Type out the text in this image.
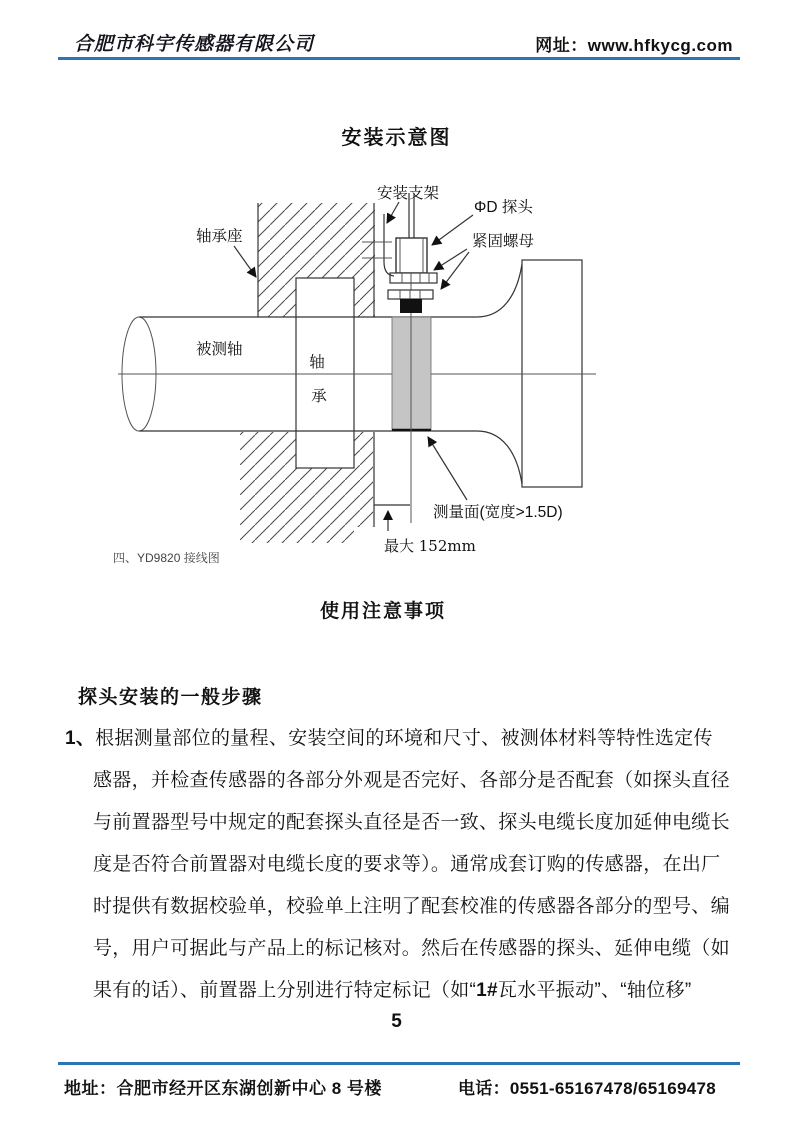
合肥市科宇传感器有限公司	网址：www.hfkycg.com
安装示意图
安装支架
ΦD 探头
紧固螺母
轴承座
被测轴
轴
承
测量面(宽度>1.5D)
最大 152mm
四、YD9820 接线图
使用注意事项
探头安装的一般步骤
1、根据测量部位的量程、安装空间的环境和尺寸、被测体材料等特性选定传
感器，并检查传感器的各部分外观是否完好、各部分是否配套（如探头直径
与前置器型号中规定的配套探头直径是否一致、探头电缆长度加延伸电缆长
度是否符合前置器对电缆长度的要求等）。通常成套订购的传感器，在出厂
时提供有数据校验单，校验单上注明了配套校准的传感器各部分的型号、编
号，用户可据此与产品上的标记核对。然后在传感器的探头、延伸电缆（如
果有的话）、前置器上分别进行特定标记（如“1#瓦水平振动”、“轴位移”
5
地址：合肥市经开区东湖创新中心 8 号楼	电话：0551-65167478/65169478
